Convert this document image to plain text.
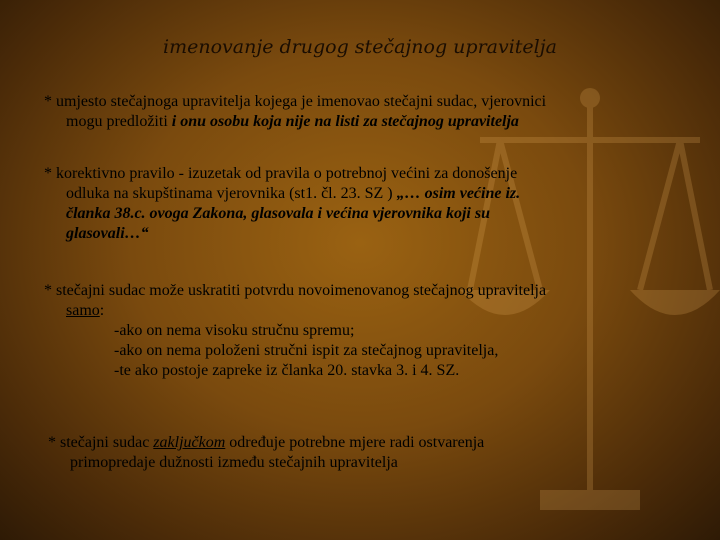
imenovanje drugog stečajnog upravitelja
* umjesto stečajnoga upravitelja kojega je imenovao stečajni sudac, vjerovnici
mogu predložiti i onu osobu koja nije na listi za stečajnog upravitelja
* korektivno pravilo - izuzetak od pravila o potrebnoj većini za donošenje
odluka na skupštinama vjerovnika (st1. čl. 23. SZ ) „… osim većine iz.
članka 38.c. ovoga Zakona, glasovala i većina vjerovnika koji su
glasovali…“
* stečajni sudac može uskratiti potvrdu novoimenovanog stečajnog upravitelja
samo:
-ako on nema visoku stručnu spremu;
-ako on nema položeni stručni ispit za stečajnog upravitelja,
-te ako postoje zapreke iz članka 20. stavka 3. i 4. SZ.
* stečajni sudac zaključkom određuje potrebne mjere radi ostvarenja
primopredaje dužnosti između stečajnih upravitelja
